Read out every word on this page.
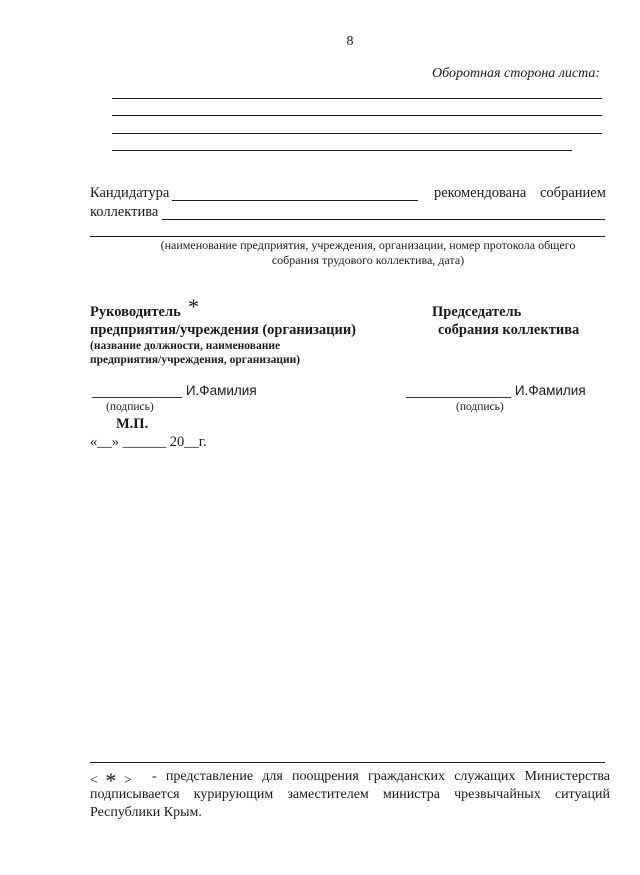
8
Оборотная сторона листа:
Кандидатура	рекомендована собранием
коллектива
(наименование предприятия, учреждения, организации, номер протокола общего
собрания трудового коллектива, дата)
Руководитель *
предприятия/учреждения (организации)
(название должности, наименование
предприятия/учреждения, организации)
Председатель
собрания коллектива
____________ И.Фамилия
(подпись)
______________ И.Фамилия
(подпись)
М.П.
«__» ______ 20__г.
< * >	- представление для поощрения гражданских служащих Министерства подписывается курирующим заместителем министра чрезвычайных ситуаций Республики Крым.
